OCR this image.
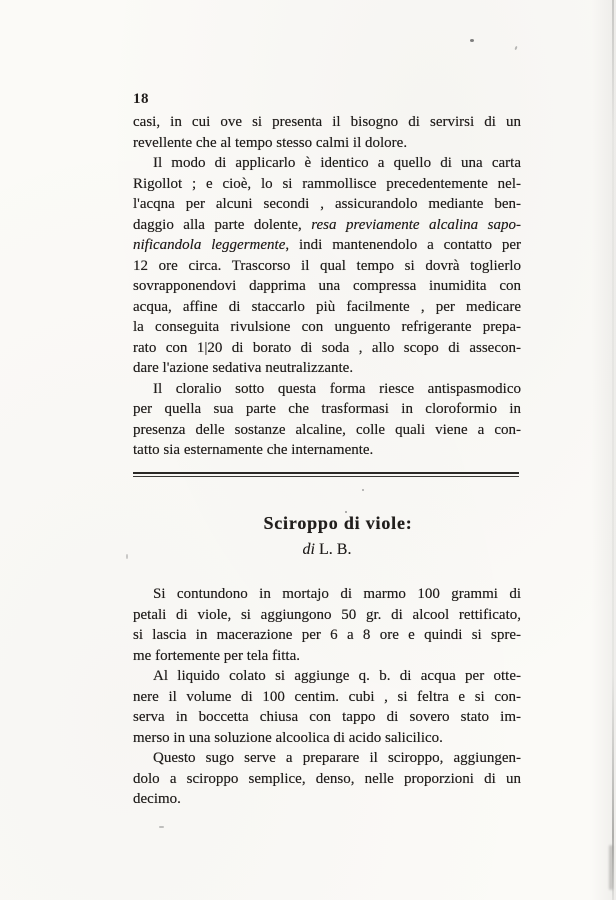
18
casi, in cui ove si presenta il bisogno di servirsi di un
revellente che al tempo stesso calmi il dolore.
Il modo di applicarlo è identico a quello di una carta
Rigollot ; e cioè, lo si rammollisce precedentemente nel-
l'acqna per alcuni secondi , assicurandolo mediante ben-
daggio alla parte dolente, resa previamente alcalina sapo-
nificandola leggermente, indi mantenendolo a contatto per
12 ore circa. Trascorso il qual tempo si dovrà toglierlo
sovrapponendovi dapprima una compressa inumidita con
acqua, affine di staccarlo più facilmente , per medicare
la conseguita rivulsione con unguento refrigerante prepa-
rato con 1|20 di borato di soda , allo scopo di assecon-
dare l'azione sedativa neutralizzante.
Il cloralio sotto questa forma riesce antispasmodico
per quella sua parte che trasformasi in cloroformio in
presenza delle sostanze alcaline, colle quali viene a con-
tatto sia esternamente che internamente.
Sciroppo di viole:
di L. B.
Si contundono in mortajo di marmo 100 grammi di
petali di viole, si aggiungono 50 gr. di alcool rettificato,
si lascia in macerazione per 6 a 8 ore e quindi si spre-
me fortemente per tela fitta.
Al liquido colato si aggiunge q. b. di acqua per otte-
nere il volume di 100 centim. cubi , si feltra e si con-
serva in boccetta chiusa con tappo di sovero stato im-
merso in una soluzione alcoolica di acido salicilico.
Questo sugo serve a preparare il sciroppo, aggiungen-
dolo a sciroppo semplice, denso, nelle proporzioni di un
decimo.
